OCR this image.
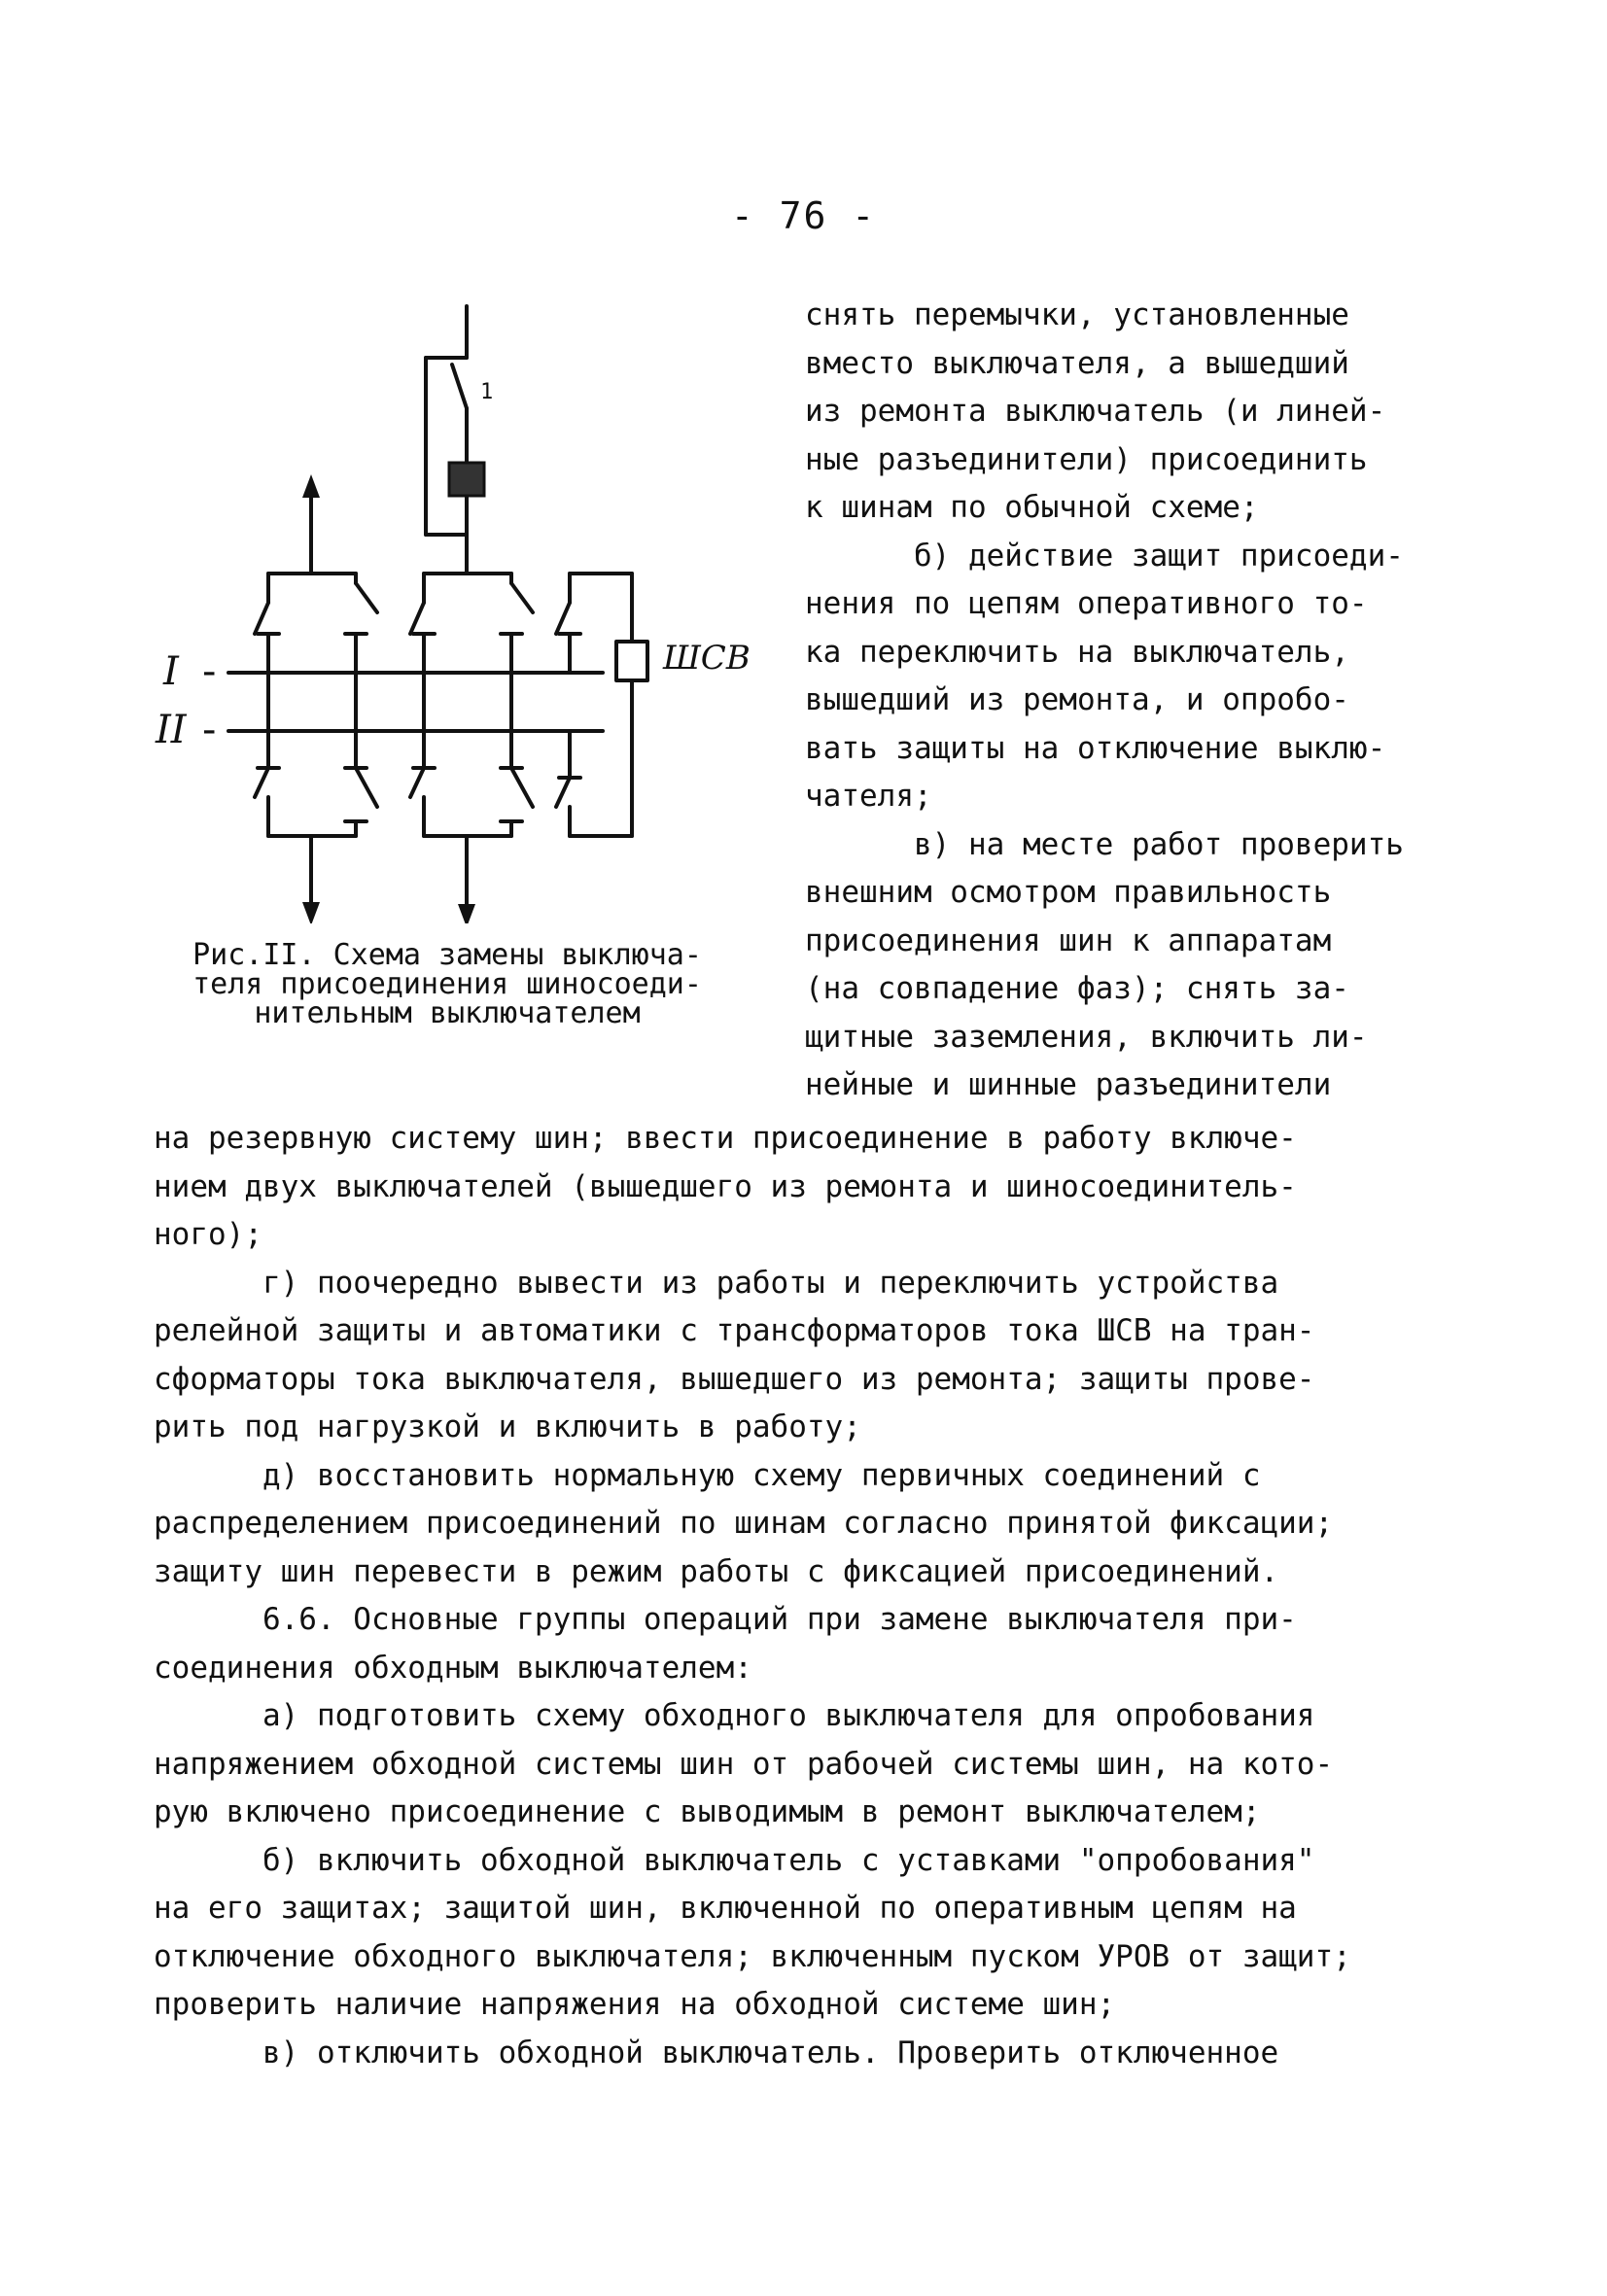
- 76 -
1
I -
II -
ШСВ
Рис.II. Схема замены выключа-
теля присоединения шиносоеди-
нительным выключателем
снять перемычки, установленные
вместо выключателя, а вышедший
из ремонта выключатель (и линей-
ные разъединители) присоединить
к шинам по обычной схеме;
б) действие защит присоеди-
нения по цепям оперативного то-
ка переключить на выключатель,
вышедший из ремонта, и опробо-
вать защиты на отключение выклю-
чателя;
в) на месте работ проверить
внешним осмотром правильность
присоединения шин к аппаратам
(на совпадение фаз); снять за-
щитные заземления, включить ли-
нейные и шинные разъединители
на резервную систему шин; ввести присоединение в работу включе-
нием двух выключателей (вышедшего из ремонта и шиносоединитель-
ного);
г) поочередно вывести из работы и переключить устройства
релейной защиты и автоматики с трансформаторов тока ШСВ на тран-
сформаторы тока выключателя, вышедшего из ремонта; защиты прове-
рить под нагрузкой и включить в работу;
д) восстановить нормальную схему первичных соединений с
распределением присоединений по шинам согласно принятой фиксации;
защиту шин перевести в режим работы с фиксацией присоединений.
6.6. Основные группы операций при замене выключателя при-
соединения обходным выключателем:
а) подготовить схему обходного выключателя для опробования
напряжением обходной системы шин от рабочей системы шин, на кото-
рую включено присоединение с выводимым в ремонт выключателем;
б) включить обходной выключатель с уставками "опробования"
на его защитах; защитой шин, включенной по оперативным цепям на
отключение обходного выключателя; включенным пуском УРОВ от защит;
проверить наличие напряжения на обходной системе шин;
в) отключить обходной выключатель. Проверить отключенное
